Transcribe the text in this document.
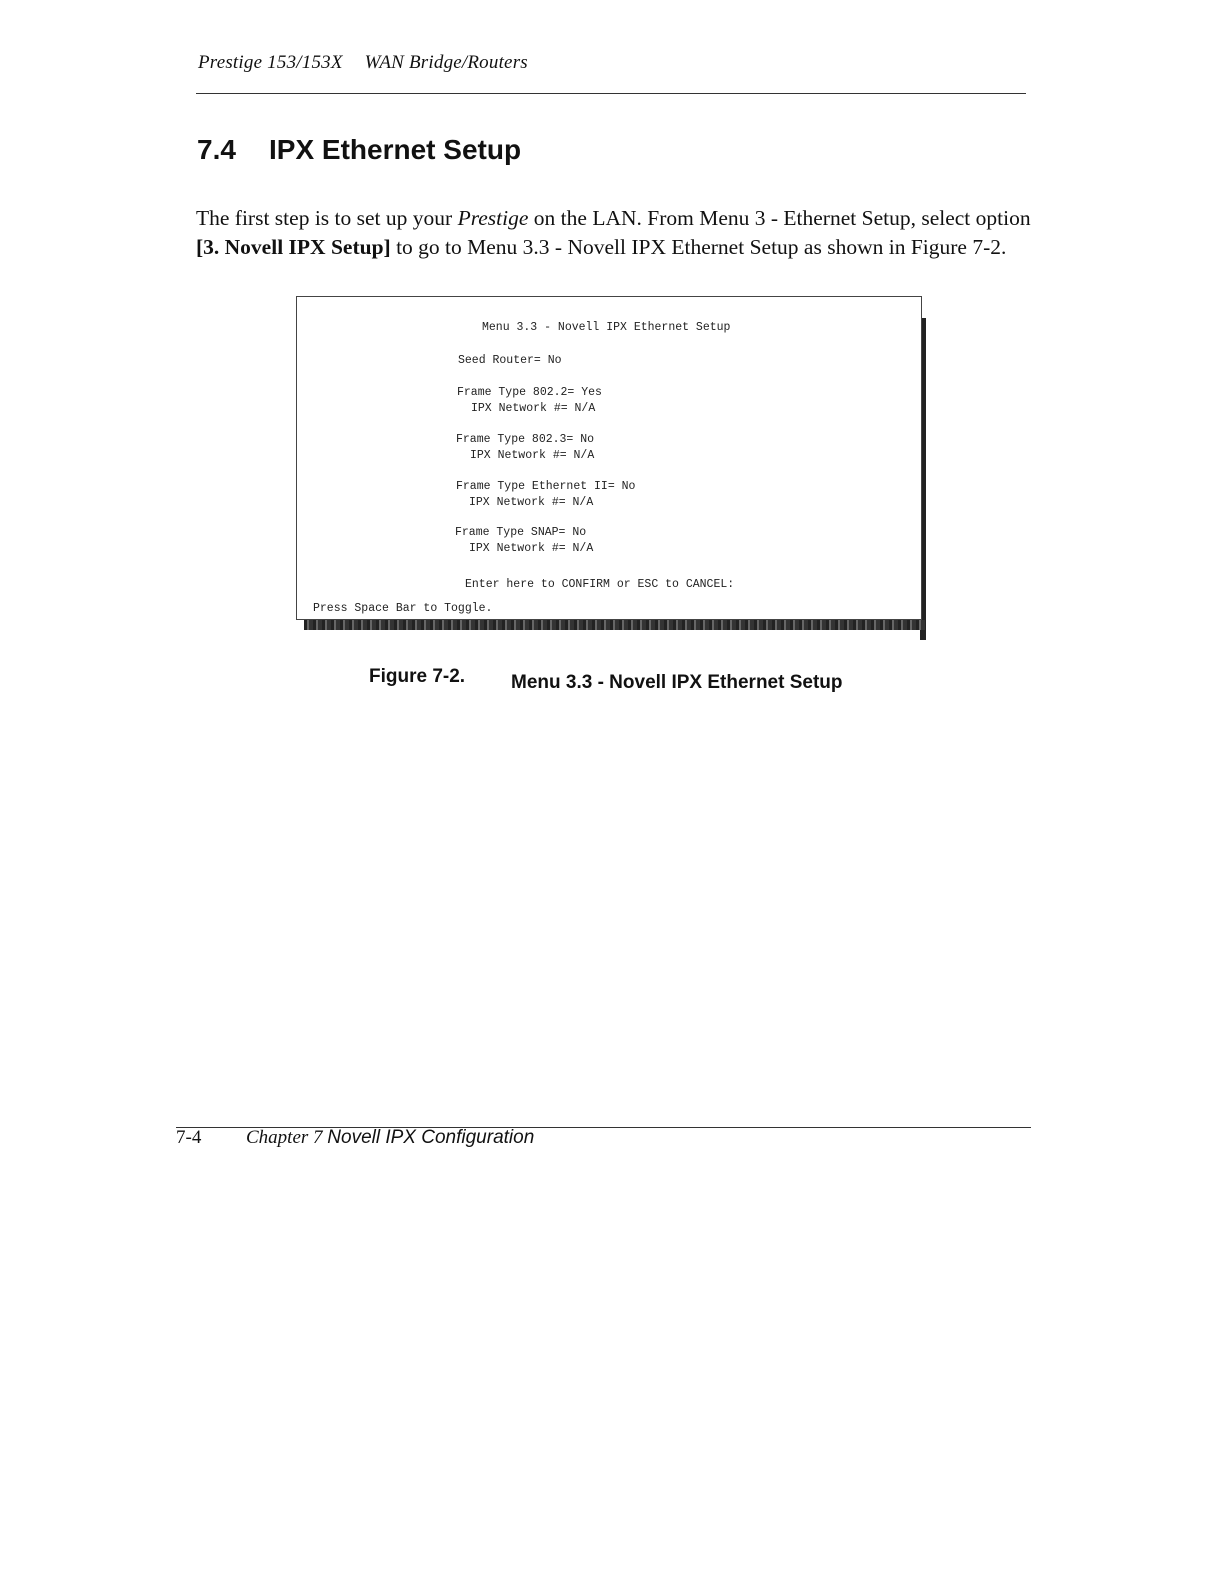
Prestige 153/153X WAN Bridge/Routers
7.4 IPX Ethernet Setup
The first step is to set up your Prestige on the LAN. From Menu 3 - Ethernet Setup, select option [3. Novell IPX Setup] to go to Menu 3.3 - Novell IPX Ethernet Setup as shown in Figure 7-2.
Menu 3.3 - Novell IPX Ethernet Setup
Seed Router= No
Frame Type 802.2= Yes
IPX Network #= N/A
Frame Type 802.3= No
IPX Network #= N/A
Frame Type Ethernet II= No
IPX Network #= N/A
Frame Type SNAP= No
IPX Network #= N/A
Enter here to CONFIRM or ESC to CANCEL:
Press Space Bar to Toggle.
Figure 7-2. Menu 3.3 - Novell IPX Ethernet Setup
7-4 Chapter 7 Novell IPX Configuration
